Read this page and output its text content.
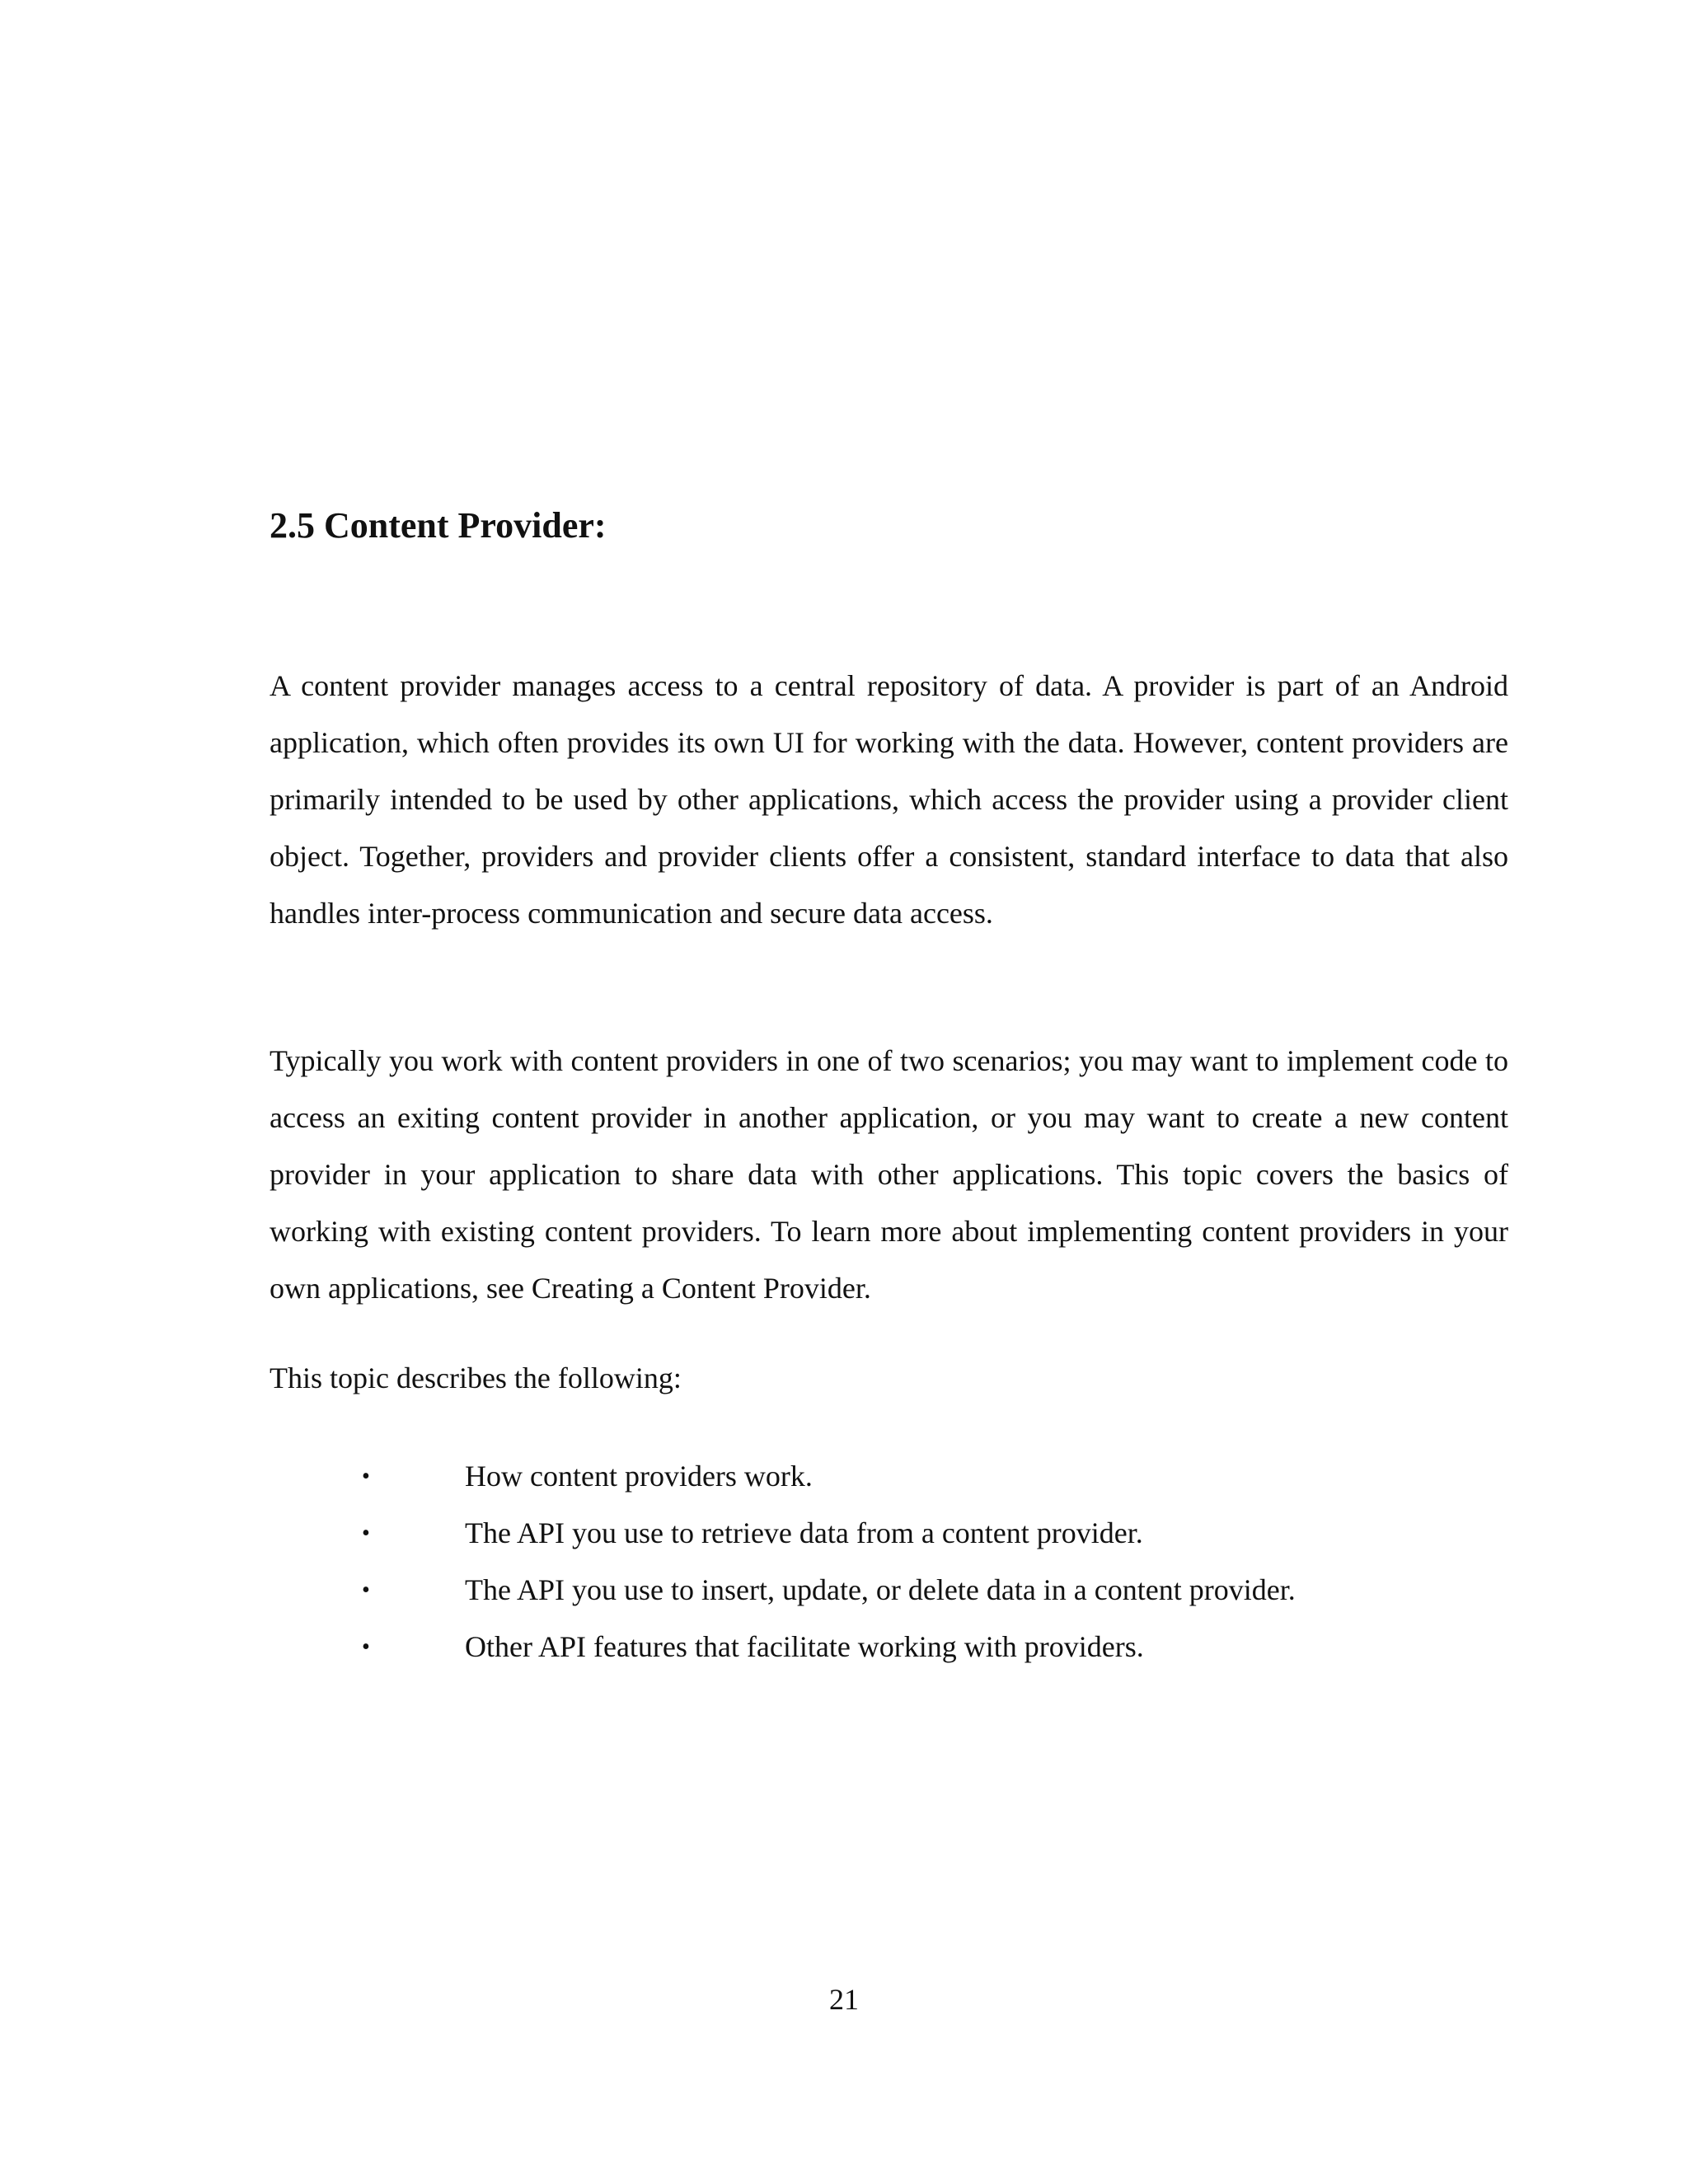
2.5 Content Provider:

A content provider manages access to a central repository of data. A provider is part of an Android application, which often provides its own UI for working with the data. However, content providers are primarily intended to be used by other applications, which access the provider using a provider client object. Together, providers and provider clients offer a consistent, standard interface to data that also handles inter-process communication and secure data access.

Typically you work with content providers in one of two scenarios; you may want to implement code to access an exiting content provider in another application, or you may want to create a new content provider in your application to share data with other applications. This topic covers the basics of working with existing content providers. To learn more about implementing content providers in your own applications, see Creating a Content Provider.

This topic describes the following:

•	How content providers work.
•	The API you use to retrieve data from a content provider.
•	The API you use to insert, update, or delete data in a content provider.
•	Other API features that facilitate working with providers.

21
